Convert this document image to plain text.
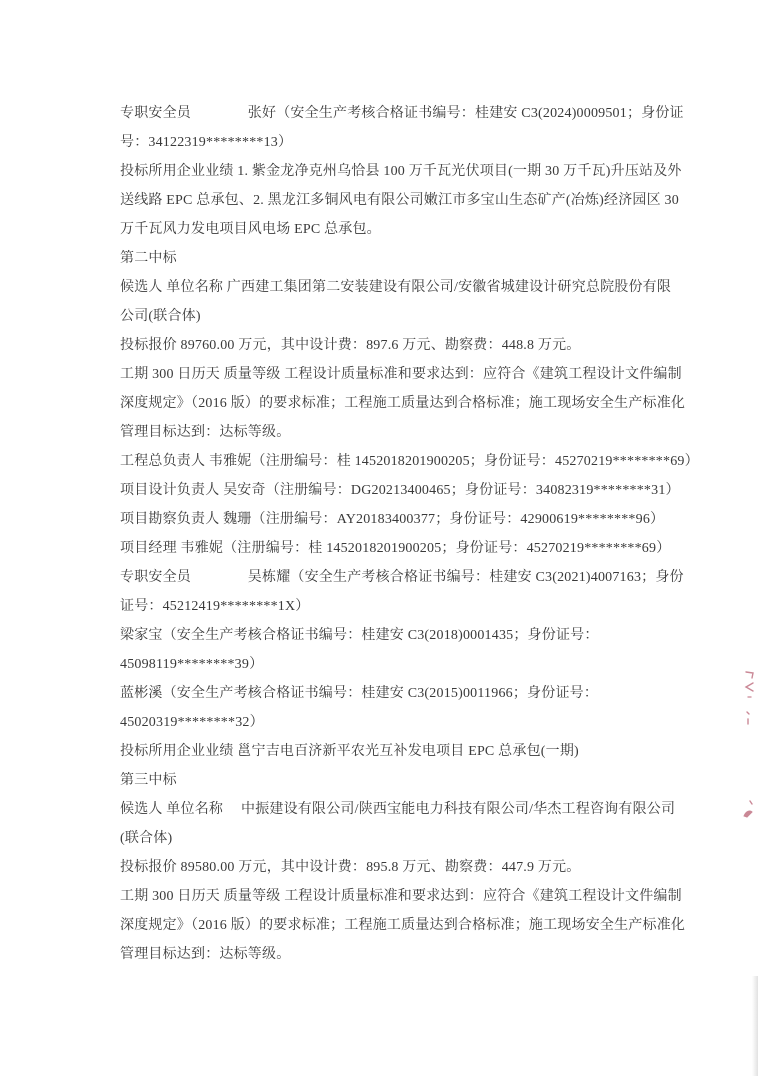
专职安全员　　　　张好（安全生产考核合格证书编号：桂建安 C3(2024)0009501；身份证
号：34122319********13）
投标所用企业业绩 1. 紫金龙净克州乌恰县 100 万千瓦光伏项目(一期 30 万千瓦)升压站及外
送线路 EPC 总承包、2. 黑龙江多铜风电有限公司嫩江市多宝山生态矿产(冶炼)经济园区 30
万千瓦风力发电项目风电场 EPC 总承包。
第二中标
候选人 单位名称 广西建工集团第二安装建设有限公司/安徽省城建设计研究总院股份有限
公司(联合体)
投标报价 89760.00 万元，其中设计费：897.6 万元、勘察费：448.8 万元。
工期 300 日历天 质量等级 工程设计质量标准和要求达到：应符合《建筑工程设计文件编制
深度规定》（2016 版）的要求标准；工程施工质量达到合格标准；施工现场安全生产标准化
管理目标达到：达标等级。
工程总负责人 韦雅妮（注册编号：桂 1452018201900205；身份证号：45270219********69）
项目设计负责人 吴安奇（注册编号：DG20213400465；身份证号：34082319********31）
项目勘察负责人 魏珊（注册编号：AY20183400377；身份证号：42900619********96）
项目经理 韦雅妮（注册编号：桂 1452018201900205；身份证号：45270219********69）
专职安全员　　　　吴栋耀（安全生产考核合格证书编号：桂建安 C3(2021)4007163；身份
证号：45212419********1X）
梁家宝（安全生产考核合格证书编号：桂建安 C3(2018)0001435；身份证号：
45098119********39）
蓝彬溪（安全生产考核合格证书编号：桂建安 C3(2015)0011966；身份证号：
45020319********32）
投标所用企业业绩 邕宁吉电百济新平农光互补发电项目 EPC 总承包(一期)
第三中标
候选人 单位名称　 中振建设有限公司/陕西宝能电力科技有限公司/华杰工程咨询有限公司
(联合体)
投标报价 89580.00 万元，其中设计费：895.8 万元、勘察费：447.9 万元。
工期 300 日历天 质量等级 工程设计质量标准和要求达到：应符合《建筑工程设计文件编制
深度规定》（2016 版）的要求标准；工程施工质量达到合格标准；施工现场安全生产标准化
管理目标达到：达标等级。
